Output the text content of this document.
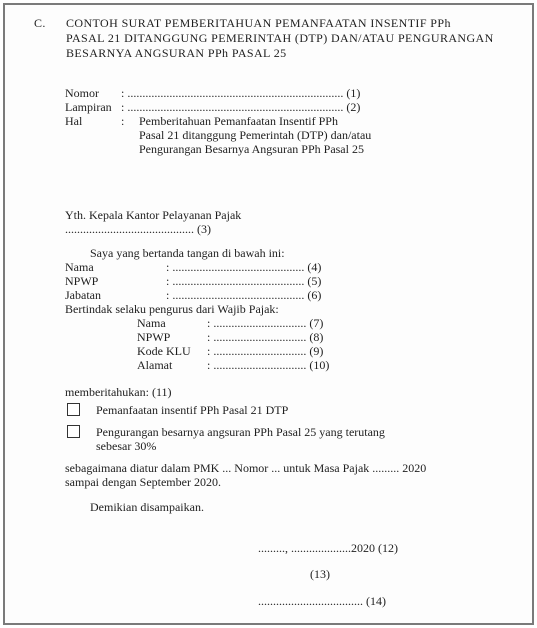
C. CONTOH SURAT PEMBERITAHUAN PEMANFAATAN INSENTIF PPh
PASAL 21 DITANGGUNG PEMERINTAH (DTP) DAN/ATAU PENGURANGAN
BESARNYA ANGSURAN PPh PASAL 25
Nomor : ........................................................................ (1)
Lampiran : ........................................................................ (2)
Hal	: Pemberitahuan Pemanfaatan Insentif PPh
Pasal 21 ditanggung Pemerintah (DTP) dan/atau
Pengurangan Besarnya Angsuran PPh Pasal 25
Yth. Kepala Kantor Pelayanan Pajak
........................................... (3)
Saya yang bertanda tangan di bawah ini:
Nama	: ............................................ (4)
NPWP	: ............................................ (5)
Jabatan	: ............................................ (6)
Bertindak selaku pengurus dari Wajib Pajak:
Nama	: ............................... (7)
NPWP	: ............................... (8)
Kode KLU : ............................... (9)
Alamat	: ............................... (10)
memberitahukan: (11)
Pemanfaatan insentif PPh Pasal 21 DTP
Pengurangan besarnya angsuran PPh Pasal 25 yang terutang
sebesar 30%
sebagaimana diatur dalam PMK ... Nomor ... untuk Masa Pajak ......... 2020
sampai dengan September 2020.
Demikian disampaikan.
........., ....................2020 (12)
(13)
................................... (14)
